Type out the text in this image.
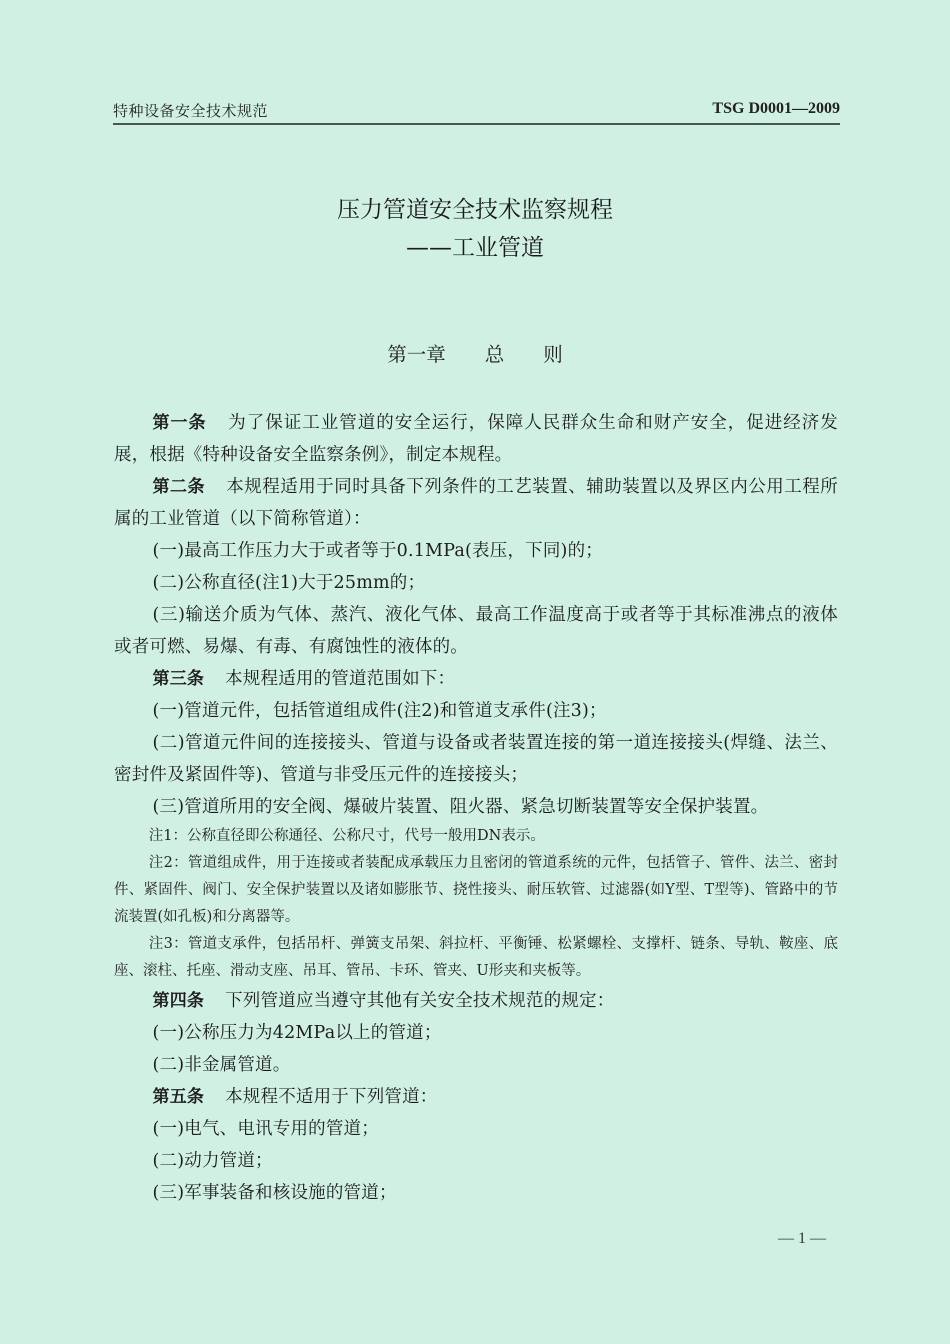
特种设备安全技术规范	TSG D0001—2009
压力管道安全技术监察规程
——工业管道
第一章　　 总　　则

第一条 为了保证工业管道的安全运行，保障人民群众生命和财产安全，促进经济发展，根据《特种设备安全监察条例》，制定本规程。

第二条 本规程适用于同时具备下列条件的工艺装置、辅助装置以及界区内公用工程所属的工业管道（以下简称管道）：

(一)最高工作压力大于或者等于0.1MPa(表压，下同)的；

(二)公称直径(注1)大于25mm的；

(三)输送介质为气体、蒸汽、液化气体、最高工作温度高于或者等于其标准沸点的液体或者可燃、易爆、有毒、有腐蚀性的液体的。

第三条 本规程适用的管道范围如下：

(一)管道元件，包括管道组成件(注2)和管道支承件(注3)；

(二)管道元件间的连接接头、管道与设备或者装置连接的第一道连接接头(焊缝、法兰、密封件及紧固件等)、管道与非受压元件的连接接头；

(三)管道所用的安全阀、爆破片装置、阻火器、紧急切断装置等安全保护装置。

注1：公称直径即公称通径、公称尺寸，代号一般用DN表示。

注2：管道组成件，用于连接或者装配成承载压力且密闭的管道系统的元件，包括管子、管件、法兰、密封件、紧固件、阀门、安全保护装置以及诸如膨胀节、挠性接头、耐压软管、过滤器(如Y型、T型等)、管路中的节流装置(如孔板)和分离器等。

注3：管道支承件，包括吊杆、弹簧支吊架、斜拉杆、平衡锤、松紧螺栓、支撑杆、链条、导轨、鞍座、底座、滚柱、托座、滑动支座、吊耳、管吊、卡环、管夹、U形夹和夹板等。

第四条 下列管道应当遵守其他有关安全技术规范的规定：

(一)公称压力为42MPa以上的管道；

(二)非金属管道。

第五条 本规程不适用于下列管道：

(一)电气、电讯专用的管道；

(二)动力管道；

(三)军事装备和核设施的管道；

— 1 —
